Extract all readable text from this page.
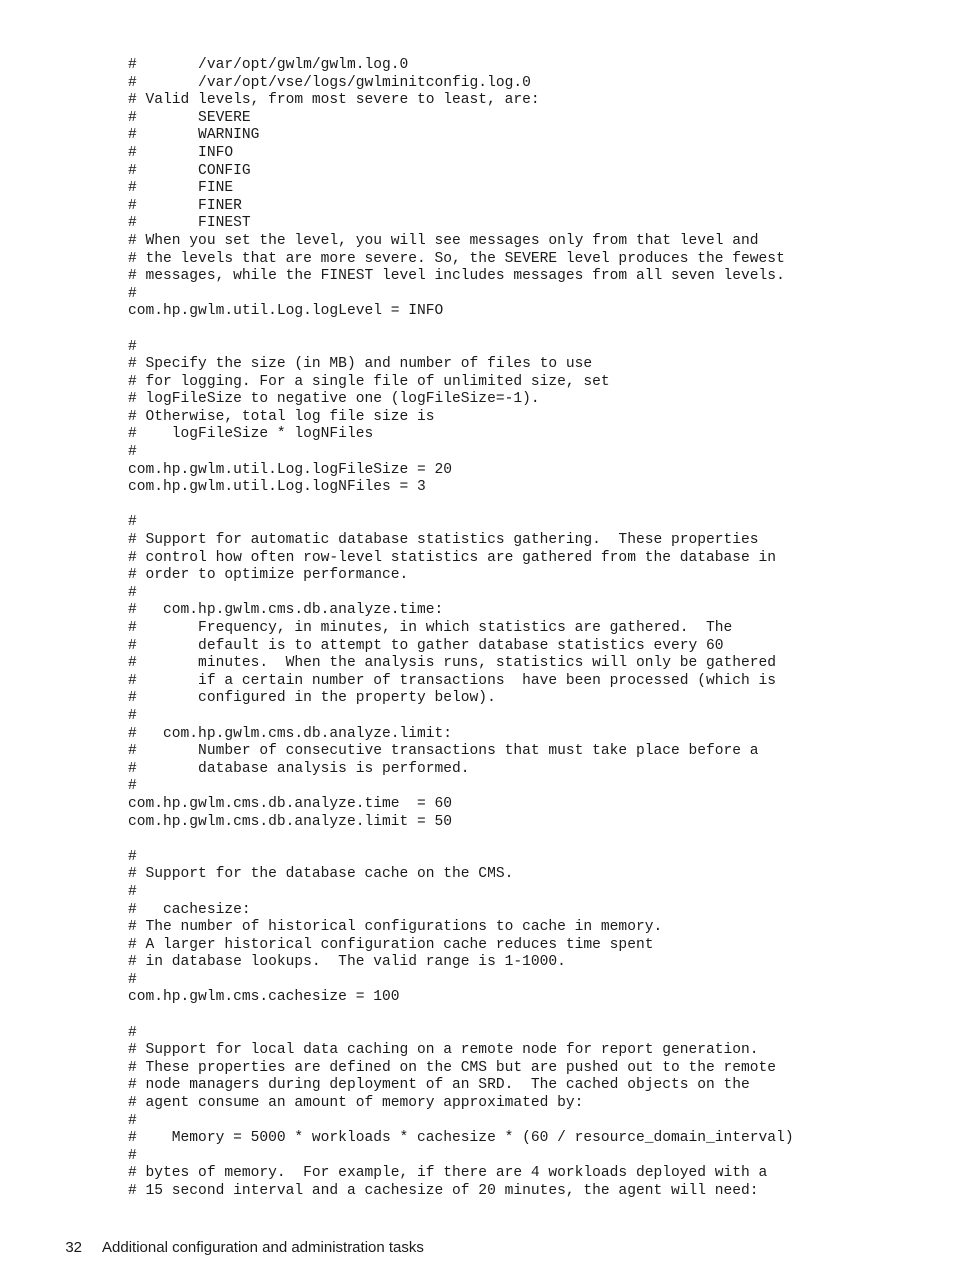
#       /var/opt/gwlm/gwlm.log.0
#       /var/opt/vse/logs/gwlminitconfig.log.0
# Valid levels, from most severe to least, are:
#       SEVERE
#       WARNING
#       INFO
#       CONFIG
#       FINE
#       FINER
#       FINEST
# When you set the level, you will see messages only from that level and
# the levels that are more severe. So, the SEVERE level produces the fewest
# messages, while the FINEST level includes messages from all seven levels.
#
com.hp.gwlm.util.Log.logLevel = INFO
#
# Specify the size (in MB) and number of files to use
# for logging. For a single file of unlimited size, set
# logFileSize to negative one (logFileSize=-1).
# Otherwise, total log file size is
#    logFileSize * logNFiles
#
com.hp.gwlm.util.Log.logFileSize = 20
com.hp.gwlm.util.Log.logNFiles = 3
#
# Support for automatic database statistics gathering.  These properties
# control how often row-level statistics are gathered from the database in
# order to optimize performance.
#
#   com.hp.gwlm.cms.db.analyze.time:
#       Frequency, in minutes, in which statistics are gathered.  The
#       default is to attempt to gather database statistics every 60
#       minutes.  When the analysis runs, statistics will only be gathered
#       if a certain number of transactions  have been processed (which is
#       configured in the property below).
#
#   com.hp.gwlm.cms.db.analyze.limit:
#       Number of consecutive transactions that must take place before a
#       database analysis is performed.
#
com.hp.gwlm.cms.db.analyze.time  = 60
com.hp.gwlm.cms.db.analyze.limit = 50
#
# Support for the database cache on the CMS.
#
#   cachesize:
# The number of historical configurations to cache in memory.
# A larger historical configuration cache reduces time spent
# in database lookups.  The valid range is 1-1000.
#
com.hp.gwlm.cms.cachesize = 100
#
# Support for local data caching on a remote node for report generation.
# These properties are defined on the CMS but are pushed out to the remote
# node managers during deployment of an SRD.  The cached objects on the
# agent consume an amount of memory approximated by:
#
#    Memory = 5000 * workloads * cachesize * (60 / resource_domain_interval)
#
# bytes of memory.  For example, if there are 4 workloads deployed with a
# 15 second interval and a cachesize of 20 minutes, the agent will need:

32 Additional configuration and administration tasks
